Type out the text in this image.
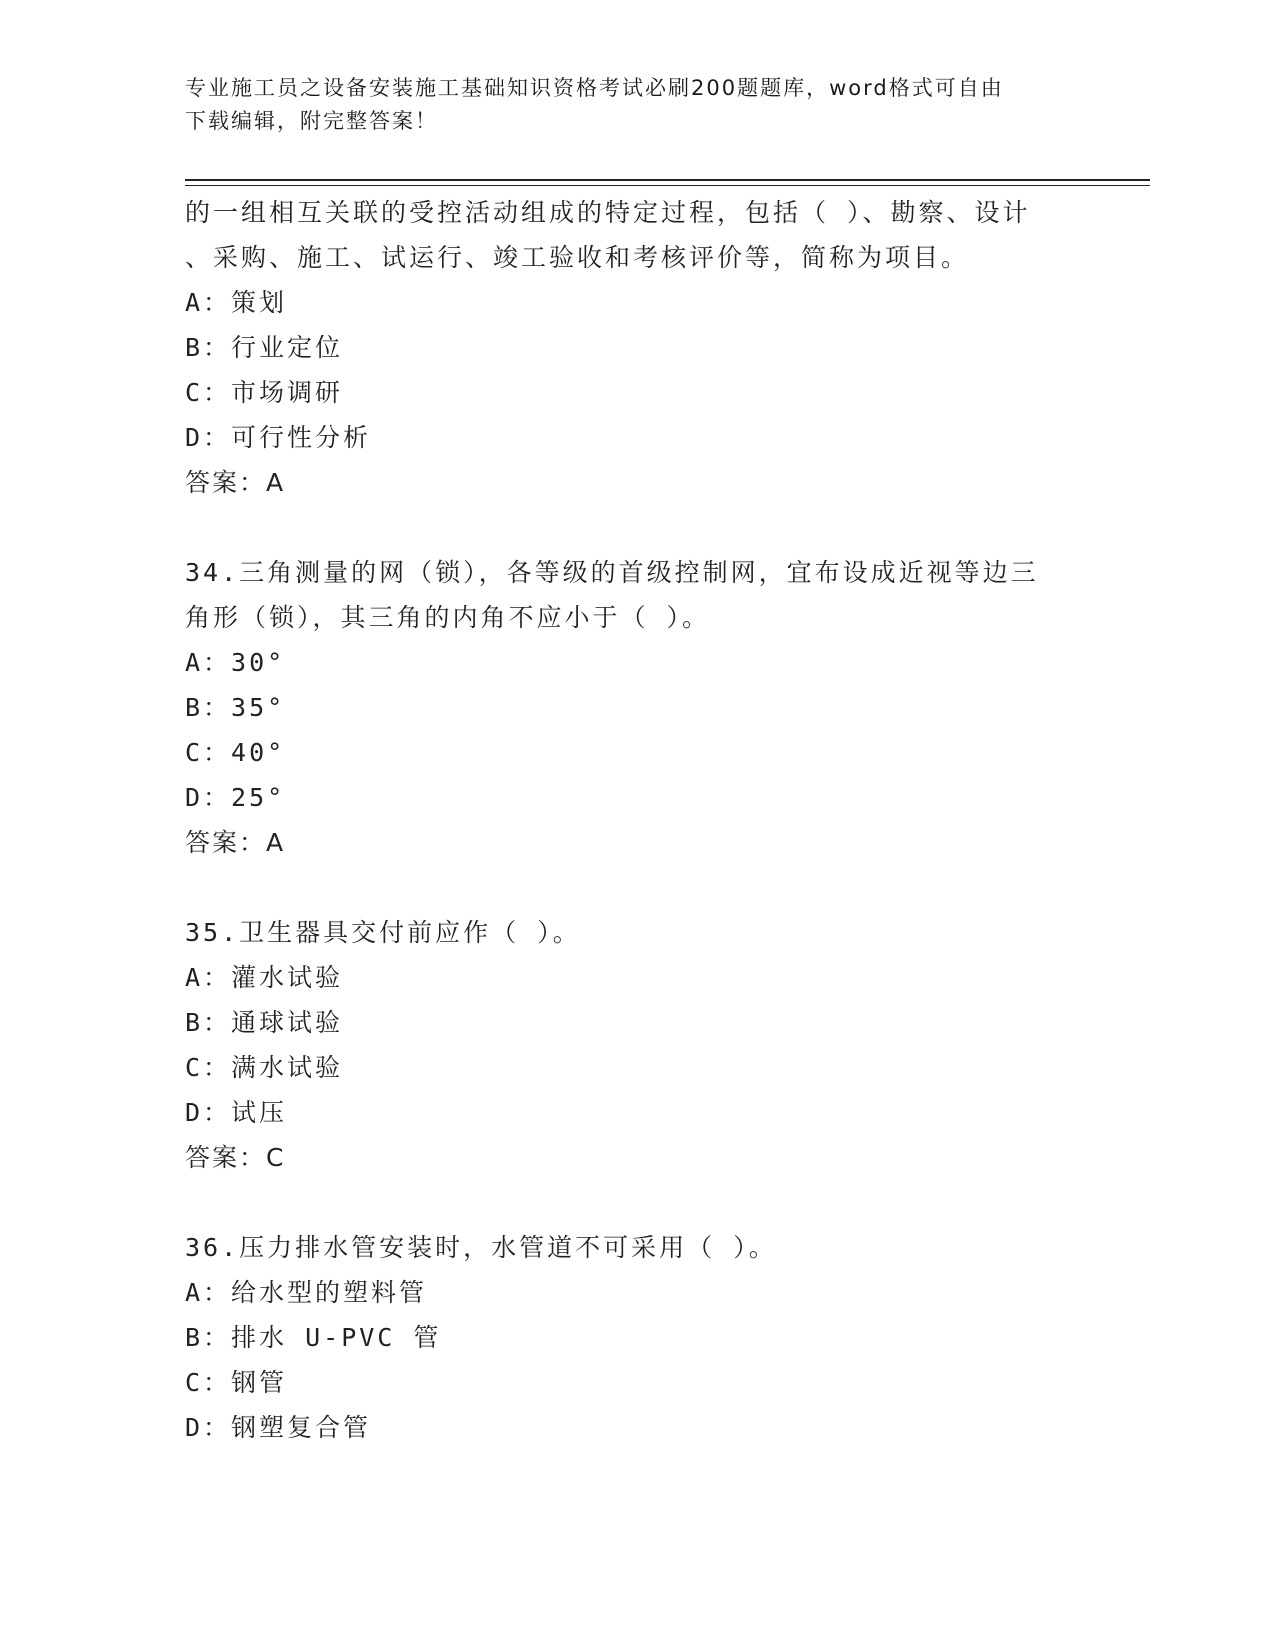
专业施工员之设备安装施工基础知识资格考试必刷200题题库，word格式可自由
下载编辑，附完整答案！
的一组相互关联的受控活动组成的特定过程，包括（ ）、勘察、设计
、采购、施工、试运行、竣工验收和考核评价等，简称为项目。
A：策划
B：行业定位
C：市场调研
D：可行性分析
答案：A
34.三角测量的网（锁），各等级的首级控制网，宜布设成近视等边三
角形（锁），其三角的内角不应小于（ ）。
A：30°
B：35°
C：40°
D：25°
答案：A
35.卫生器具交付前应作（ ）。
A：灌水试验
B：通球试验
C：满水试验
D：试压
答案：C
36.压力排水管安装时，水管道不可采用（ ）。
A：给水型的塑料管
B：排水 U-PVC 管
C：钢管
D：钢塑复合管
